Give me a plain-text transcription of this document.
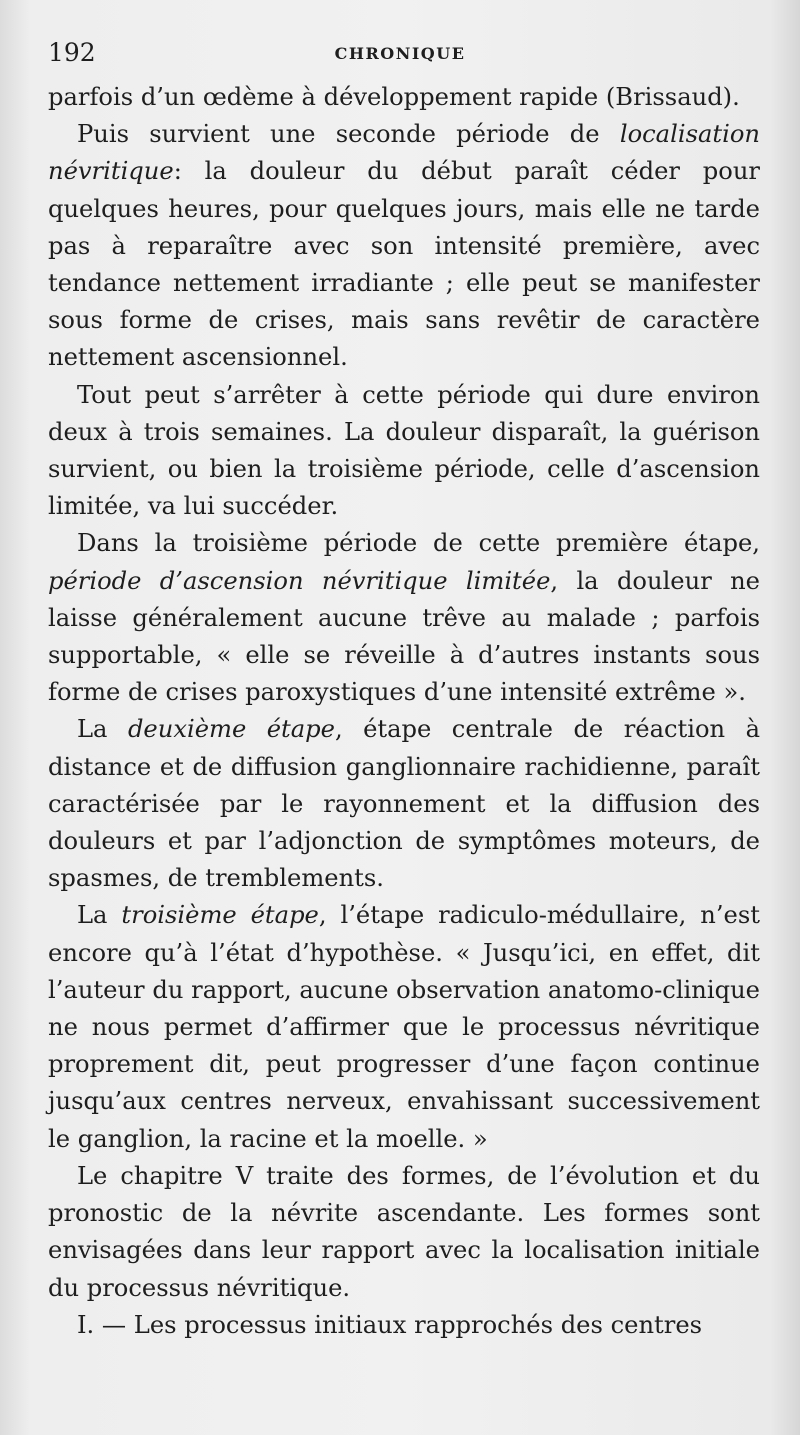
192	CHRONIQUE

parfois d’un œdème à développement rapide (Brissaud).

Puis survient une seconde période de localisation névritique: la douleur du début paraît céder pour quelques heures, pour quelques jours, mais elle ne tarde pas à reparaître avec son intensité première, avec tendance nettement irradiante ; elle peut se manifester sous forme de crises, mais sans revêtir de caractère nettement ascensionnel.

Tout peut s’arrêter à cette période qui dure environ deux à trois semaines. La douleur disparaît, la guérison survient, ou bien la troisième période, celle d’ascension limitée, va lui succéder.

Dans la troisième période de cette première étape, période d’ascension névritique limitée, la douleur ne laisse généralement aucune trêve au malade ; parfois supportable, « elle se réveille à d’autres instants sous forme de crises paroxystiques d’une intensité extrême ».

La deuxième étape, étape centrale de réaction à distance et de diffusion ganglionnaire rachidienne, paraît caractérisée par le rayonnement et la diffusion des douleurs et par l’adjonction de symptômes moteurs, de spasmes, de tremblements.

La troisième étape, l’étape radiculo-médullaire, n’est encore qu’à l’état d’hypothèse. « Jusqu’ici, en effet, dit l’auteur du rapport, aucune observation anatomo-clinique ne nous permet d’affirmer que le processus névritique proprement dit, peut progresser d’une façon continue jusqu’aux centres nerveux, envahissant successivement le ganglion, la racine et la moelle. »

Le chapitre V traite des formes, de l’évolution et du pronostic de la névrite ascendante. Les formes sont envisagées dans leur rapport avec la localisation initiale du processus névritique.

I. — Les processus initiaux rapprochés des centres
